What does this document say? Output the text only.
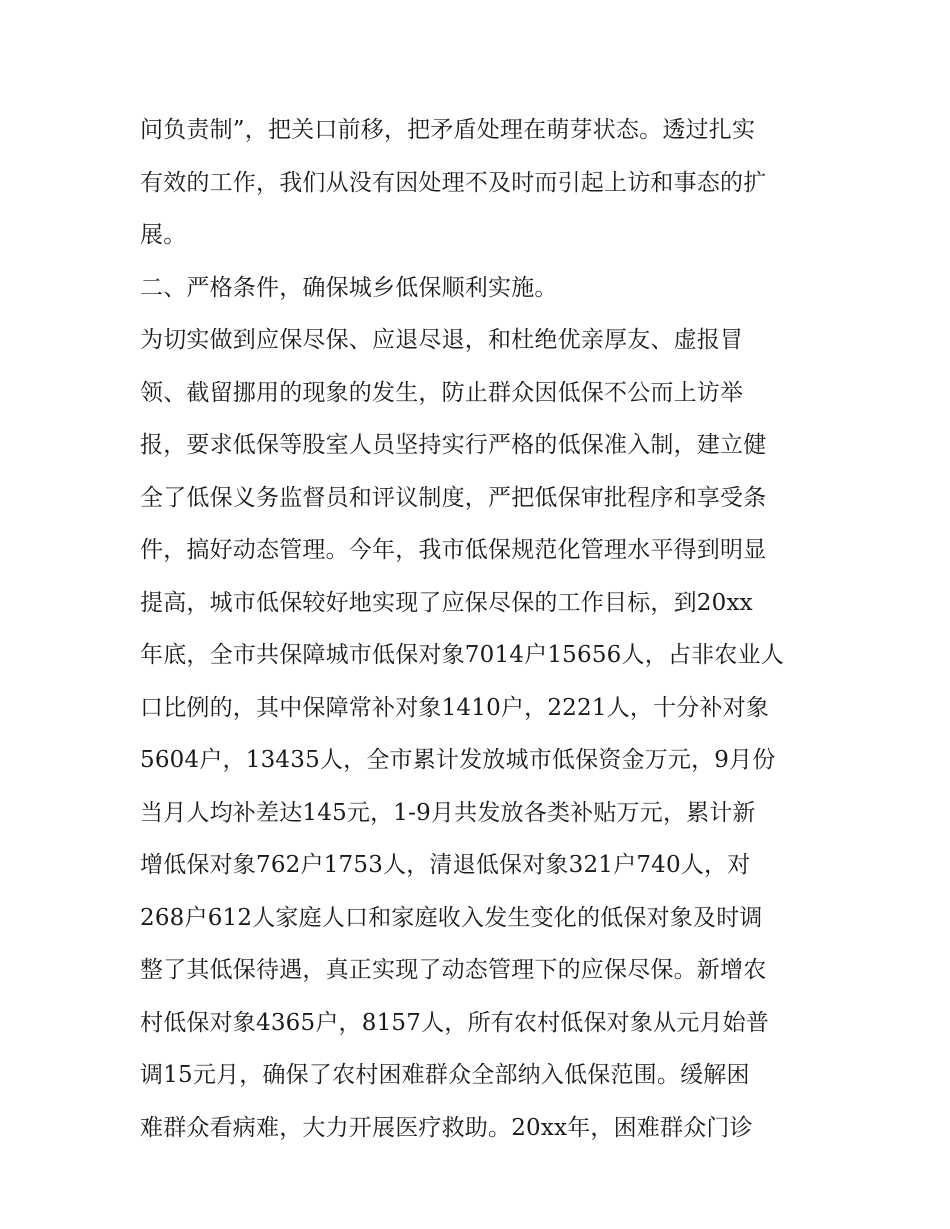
问负责制”，把关口前移，把矛盾处理在萌芽状态。透过扎实
有效的工作，我们从没有因处理不及时而引起上访和事态的扩
展。
二、严格条件，确保城乡低保顺利实施。
为切实做到应保尽保、应退尽退，和杜绝优亲厚友、虚报冒
领、截留挪用的现象的发生，防止群众因低保不公而上访举
报，要求低保等股室人员坚持实行严格的低保准入制，建立健
全了低保义务监督员和评议制度，严把低保审批程序和享受条
件，搞好动态管理。今年，我市低保规范化管理水平得到明显
提高，城市低保较好地实现了应保尽保的工作目标，到20xx
年底，全市共保障城市低保对象7014户15656人，占非农业人
口比例的，其中保障常补对象1410户，2221人，十分补对象
5604户，13435人，全市累计发放城市低保资金万元，9月份
当月人均补差达145元，1-9月共发放各类补贴万元，累计新
增低保对象762户1753人，清退低保对象321户740人，对
268户612人家庭人口和家庭收入发生变化的低保对象及时调
整了其低保待遇，真正实现了动态管理下的应保尽保。新增农
村低保对象4365户，8157人，所有农村低保对象从元月始普
调15元月，确保了农村困难群众全部纳入低保范围。缓解困
难群众看病难，大力开展医疗救助。20xx年，困难群众门诊
